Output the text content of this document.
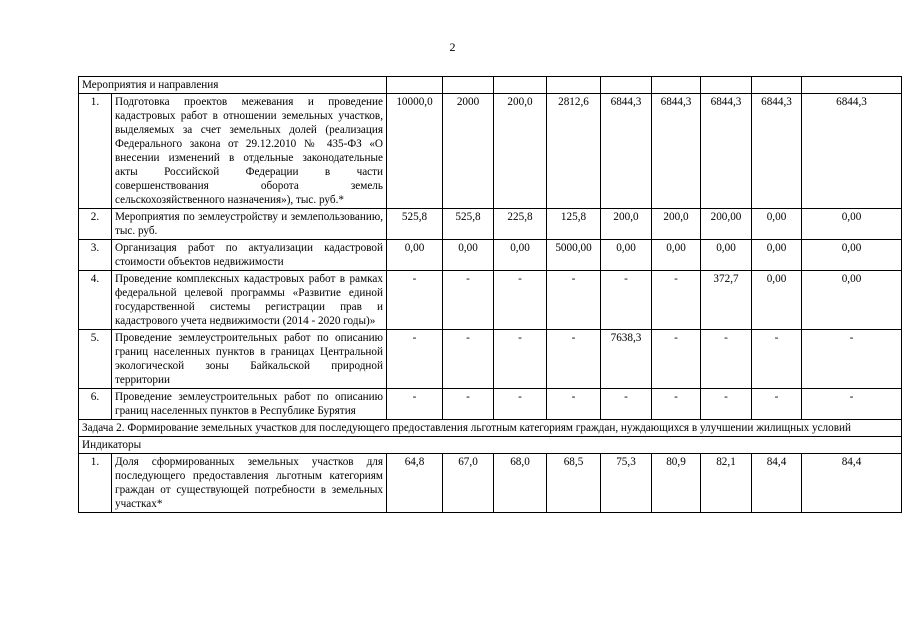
2
Мероприятия и направления										
1.	Подготовка проектов межевания и проведение кадастровых работ в отношении земельных участков, выделяемых за счет земельных долей (реализация Федерального закона от 29.12.2010 № 435-ФЗ «О внесении изменений в отдельные законодательные акты Российской Федерации в части совершенствования оборота земель сельскохозяйственного назначения»), тыс. руб.*	10000,0	2000	200,0	2812,6	6844,3	6844,3	6844,3	6844,3	6844,3
2.	Мероприятия по землеустройству и землепользованию, тыс. руб.	525,8	525,8	225,8	125,8	200,0	200,0	200,00	0,00	0,00
3.	Организация работ по актуализации кадастровой стоимости объектов недвижимости	0,00	0,00	0,00	5000,00	0,00	0,00	0,00	0,00	0,00
4.	Проведение комплексных кадастровых работ в рамках федеральной целевой программы «Развитие единой государственной системы регистрации прав и кадастрового учета недвижимости (2014 - 2020 годы)»	-	-	-	-	-	-	372,7	0,00	0,00
5.	Проведение землеустроительных работ по описанию границ населенных пунктов в границах Центральной экологической зоны Байкальской природной территории	-	-	-	-	7638,3	-	-	-	-
6.	Проведение землеустроительных работ по описанию границ населенных пунктов в Республике Бурятия	-	-	-	-	-	-	-	-	-
Задача 2. Формирование земельных участков для последующего предоставления льготным категориям граждан, нуждающихся в улучшении жилищных условий										
Индикаторы										
1.	Доля сформированных земельных участков для последующего предоставления льготным категориям граждан от существующей потребности в земельных участках*	64,8	67,0	68,0	68,5	75,3	80,9	82,1	84,4	84,4
